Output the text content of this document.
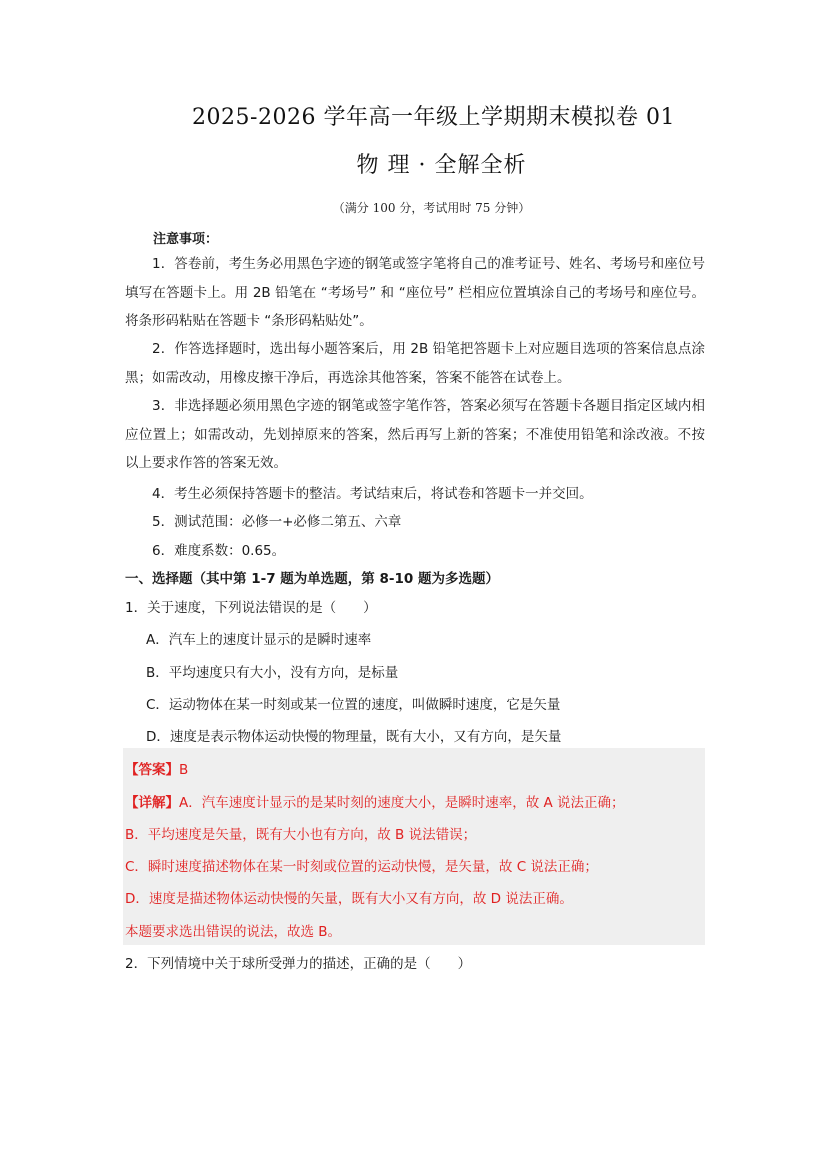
2025-2026 学年高一年级上学期期末模拟卷 01
物 理 · 全解全析
（满分 100 分，考试用时 75 分钟）
注意事项：
1．答卷前，考生务必用黑色字迹的钢笔或签字笔将自己的准考证号、姓名、考场号和座位号填写在答题卡上。用 2B 铅笔在 “考场号” 和 “座位号” 栏相应位置填涂自己的考场号和座位号。将条形码粘贴在答题卡 “条形码粘贴处”。
2．作答选择题时，选出每小题答案后，用 2B 铅笔把答题卡上对应题目选项的答案信息点涂黑；如需改动，用橡皮擦干净后，再选涂其他答案，答案不能答在试卷上。
3．非选择题必须用黑色字迹的钢笔或签字笔作答，答案必须写在答题卡各题目指定区域内相应位置上；如需改动，先划掉原来的答案，然后再写上新的答案；不准使用铅笔和涂改液。不按以上要求作答的答案无效。
4．考生必须保持答题卡的整洁。考试结束后，将试卷和答题卡一并交回。
5．测试范围：必修一+必修二第五、六章
6．难度系数：0.65。
一、选择题（其中第 1-7 题为单选题，第 8-10 题为多选题）
1．关于速度，下列说法错误的是（　　）
A．汽车上的速度计显示的是瞬时速率
B．平均速度只有大小，没有方向，是标量
C．运动物体在某一时刻或某一位置的速度，叫做瞬时速度，它是矢量
D．速度是表示物体运动快慢的物理量，既有大小，又有方向，是矢量
【答案】B
【详解】A．汽车速度计显示的是某时刻的速度大小，是瞬时速率，故 A 说法正确；
B．平均速度是矢量，既有大小也有方向，故 B 说法错误；
C．瞬时速度描述物体在某一时刻或位置的运动快慢，是矢量，故 C 说法正确；
D．速度是描述物体运动快慢的矢量，既有大小又有方向，故 D 说法正确。
本题要求选出错误的说法，故选 B。
2．下列情境中关于球所受弹力的描述，正确的是（　　）
